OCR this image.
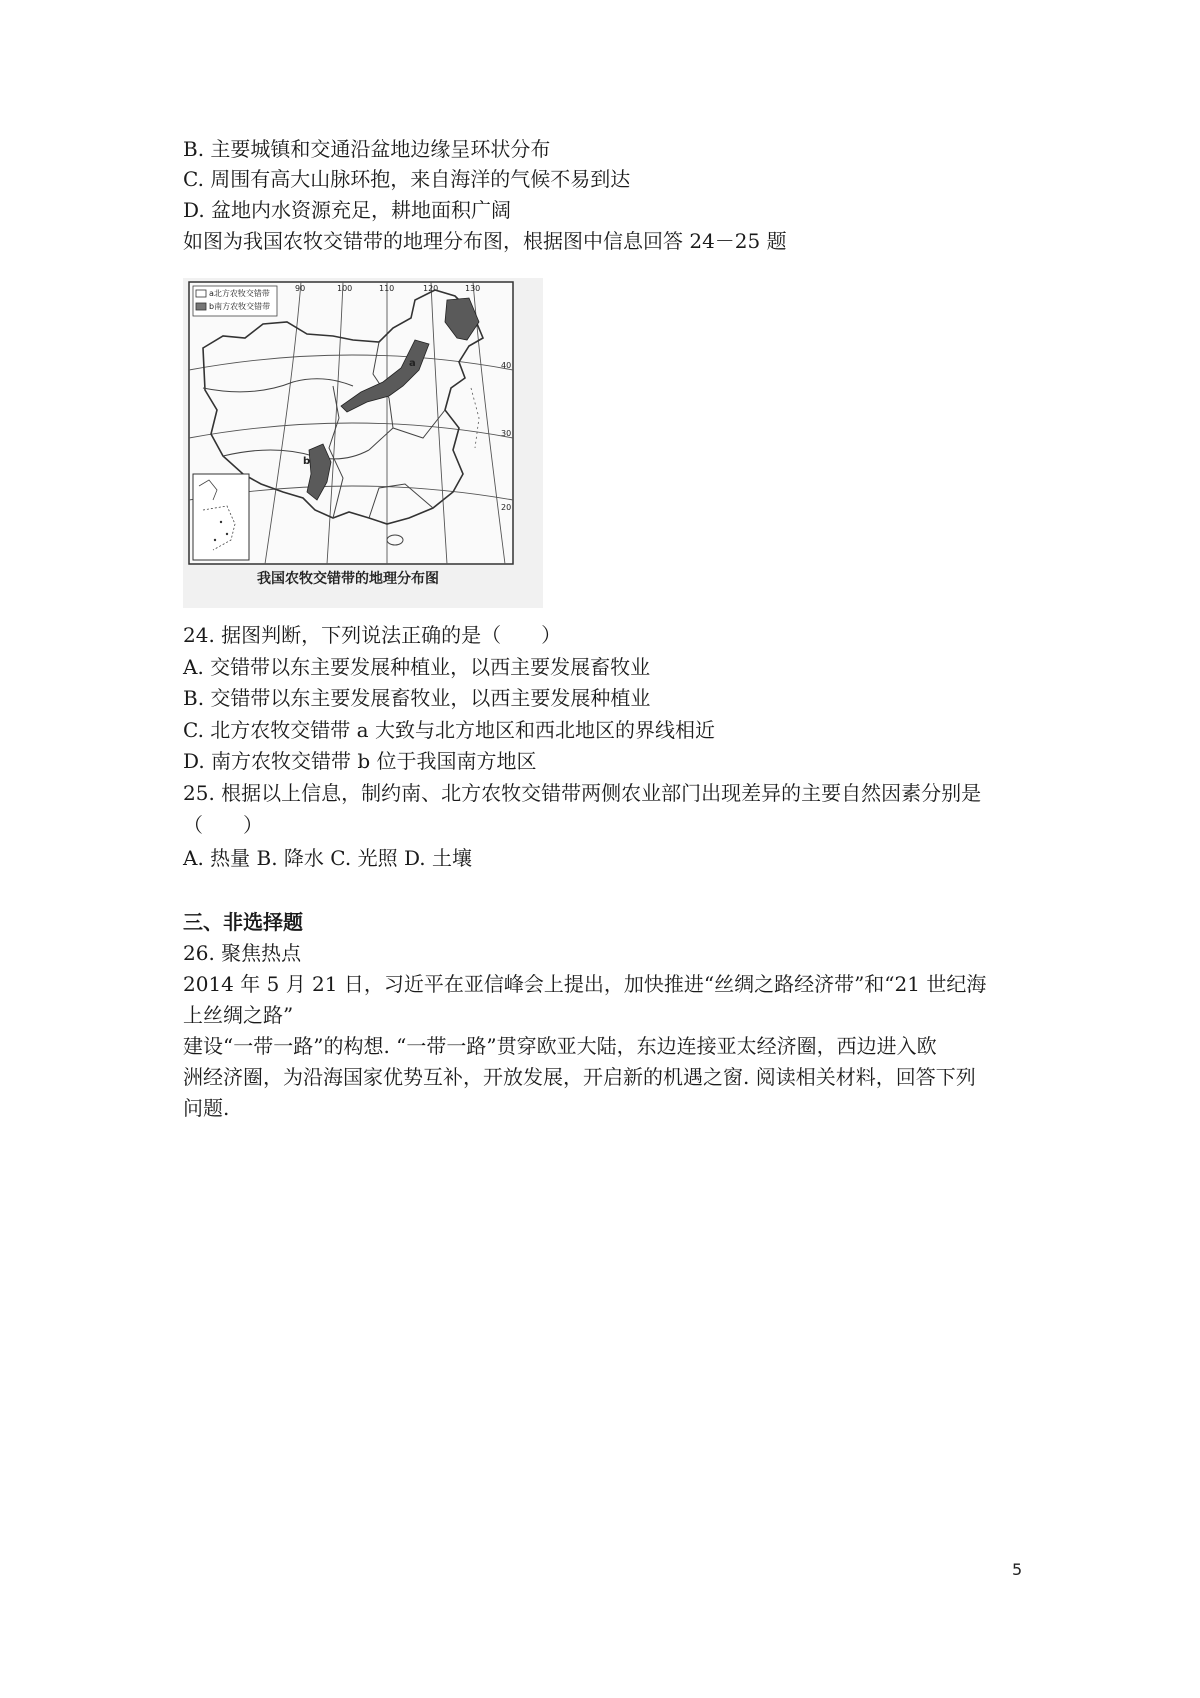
B. 主要城镇和交通沿盆地边缘呈环状分布
C. 周围有高大山脉环抱，来自海洋的气候不易到达
D. 盆地内水资源充足，耕地面积广阔
如图为我国农牧交错带的地理分布图，根据图中信息回答 24－25 题
a北方农牧交错带
b南方农牧交错带
90	100	110	120	130
40
30
20
a
b
我国农牧交错带的地理分布图
24. 据图判断，下列说法正确的是（　　）
A. 交错带以东主要发展种植业，以西主要发展畜牧业
B. 交错带以东主要发展畜牧业，以西主要发展种植业
C. 北方农牧交错带 a 大致与北方地区和西北地区的界线相近
D. 南方农牧交错带 b 位于我国南方地区
25. 根据以上信息，制约南、北方农牧交错带两侧农业部门出现差异的主要自然因素分别是
（　　）
A. 热量 B. 降水 C. 光照 D. 土壤
三、非选择题
26. 聚焦热点
2014 年 5 月 21 日，习近平在亚信峰会上提出，加快推进“丝绸之路经济带”和“21 世纪海
上丝绸之路”
建设“一带一路”的构想. “一带一路”贯穿欧亚大陆，东边连接亚太经济圈，西边进入欧
洲经济圈，为沿海国家优势互补，开放发展，开启新的机遇之窗. 阅读相关材料，回答下列
问题.
5
